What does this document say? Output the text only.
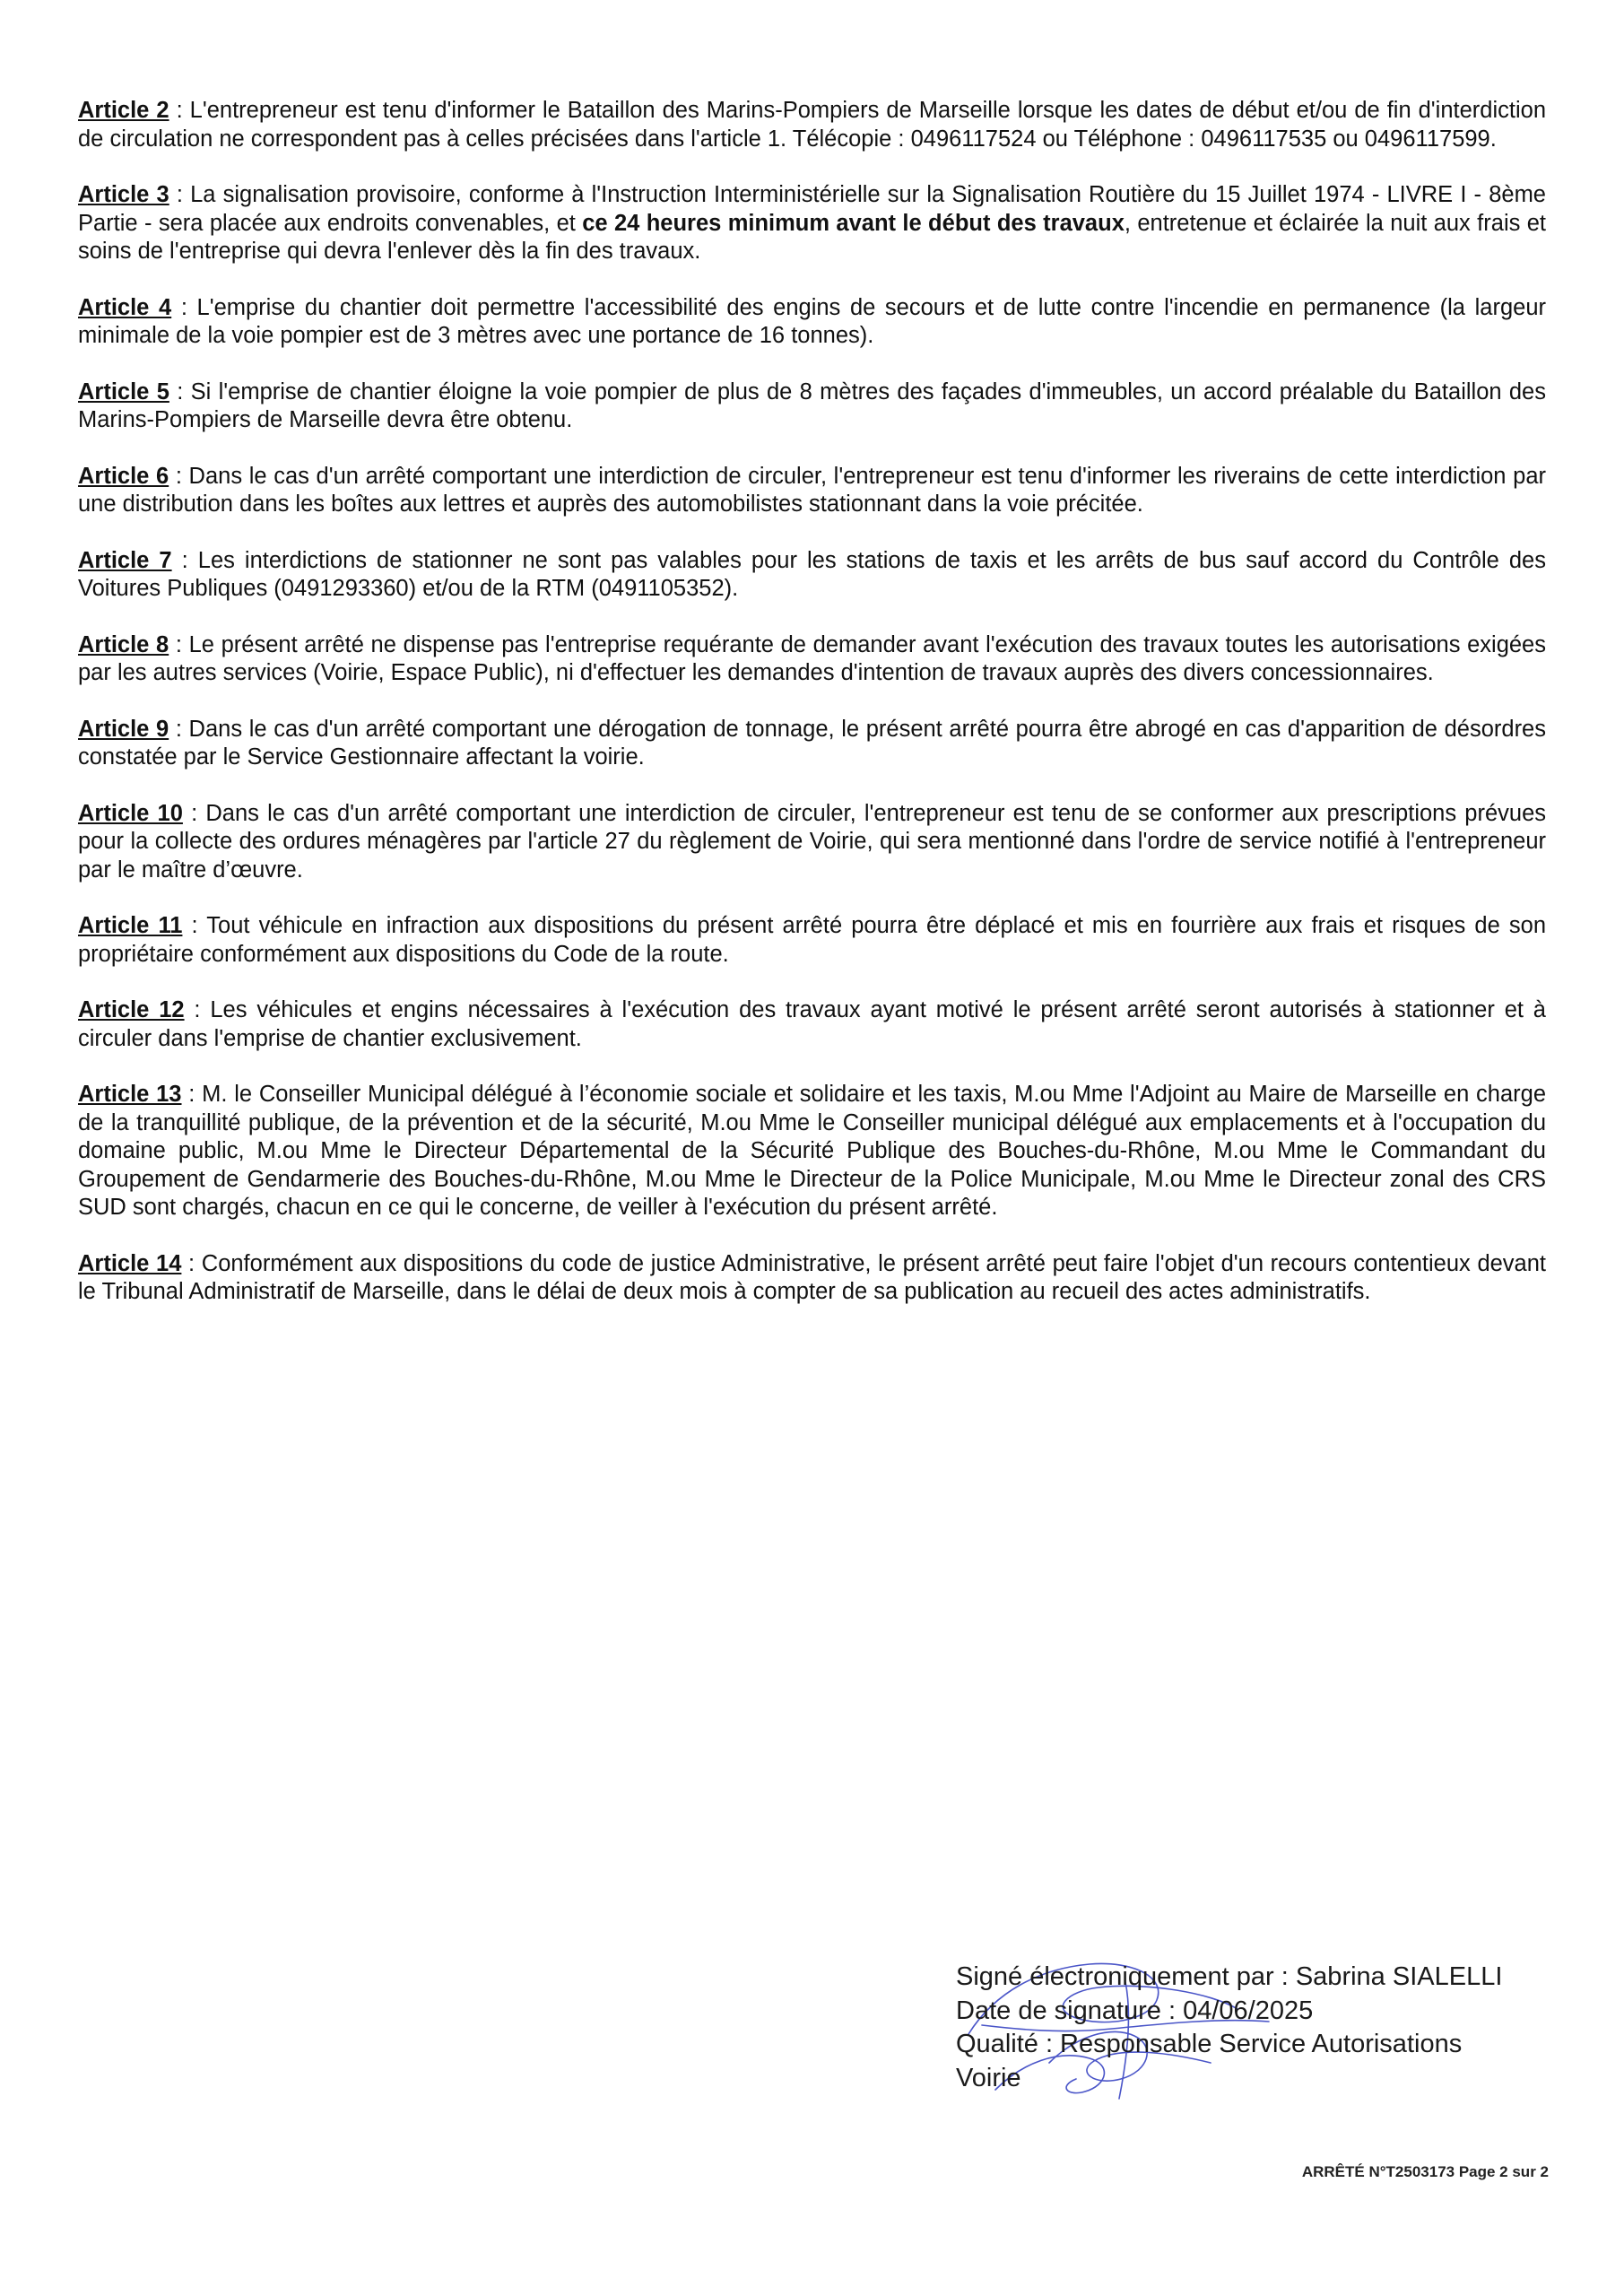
Article 2 : L'entrepreneur est tenu d'informer le Bataillon des Marins-Pompiers de Marseille lorsque les dates de début et/ou de fin d'interdiction de circulation ne correspondent pas à celles précisées dans l'article 1. Télécopie : 0496117524 ou Téléphone : 0496117535 ou 0496117599.

Article 3 : La signalisation provisoire, conforme à l'Instruction Interministérielle sur la Signalisation Routière du 15 Juillet 1974 - LIVRE I - 8ème Partie - sera placée aux endroits convenables, et ce 24 heures minimum avant le début des travaux, entretenue et éclairée la nuit aux frais et soins de l'entreprise qui devra l'enlever dès la fin des travaux.

Article 4 : L'emprise du chantier doit permettre l'accessibilité des engins de secours et de lutte contre l'incendie en permanence (la largeur minimale de la voie pompier est de 3 mètres avec une portance de 16 tonnes).

Article 5 : Si l'emprise de chantier éloigne la voie pompier de plus de 8 mètres des façades d'immeubles, un accord préalable du Bataillon des Marins-Pompiers de Marseille devra être obtenu.

Article 6 : Dans le cas d'un arrêté comportant une interdiction de circuler, l'entrepreneur est tenu d'informer les riverains de cette interdiction par une distribution dans les boîtes aux lettres et auprès des automobilistes stationnant dans la voie précitée.

Article 7 : Les interdictions de stationner ne sont pas valables pour les stations de taxis et les arrêts de bus sauf accord du Contrôle des Voitures Publiques (0491293360) et/ou de la RTM (0491105352).

Article 8 : Le présent arrêté ne dispense pas l'entreprise requérante de demander avant l'exécution des travaux toutes les autorisations exigées par les autres services (Voirie, Espace Public), ni d'effectuer les demandes d'intention de travaux auprès des divers concessionnaires.

Article 9 : Dans le cas d'un arrêté comportant une dérogation de tonnage, le présent arrêté pourra être abrogé en cas d'apparition de désordres constatée par le Service Gestionnaire affectant la voirie.

Article 10 : Dans le cas d'un arrêté comportant une interdiction de circuler, l'entrepreneur est tenu de se conformer aux prescriptions prévues pour la collecte des ordures ménagères par l'article 27 du règlement de Voirie, qui sera mentionné dans l'ordre de service notifié à l'entrepreneur par le maître d’œuvre.

Article 11 : Tout véhicule en infraction aux dispositions du présent arrêté pourra être déplacé et mis en fourrière aux frais et risques de son propriétaire conformément aux dispositions du Code de la route.

Article 12 : Les véhicules et engins nécessaires à l'exécution des travaux ayant motivé le présent arrêté seront autorisés à stationner et à circuler dans l'emprise de chantier exclusivement.

Article 13 : M. le Conseiller Municipal délégué à l’économie sociale et solidaire et les taxis, M.ou Mme l'Adjoint au Maire de Marseille en charge de la tranquillité publique, de la prévention et de la sécurité, M.ou Mme le Conseiller municipal délégué aux emplacements et à l'occupation du domaine public, M.ou Mme le Directeur Départemental de la Sécurité Publique des Bouches-du-Rhône, M.ou Mme le Commandant du Groupement de Gendarmerie des Bouches-du-Rhône, M.ou Mme le Directeur de la Police Municipale, M.ou Mme le Directeur zonal des CRS SUD sont chargés, chacun en ce qui le concerne, de veiller à l'exécution du présent arrêté.

Article 14 : Conformément aux dispositions du code de justice Administrative, le présent arrêté peut faire l'objet d'un recours contentieux devant le Tribunal Administratif de Marseille, dans le délai de deux mois à compter de sa publication au recueil des actes administratifs.

Signé électroniquement par : Sabrina SIALELLI
Date de signature : 04/06/2025
Qualité : Responsable Service Autorisations
Voirie
ARRÊTÉ N°T2503173 Page 2 sur 2
